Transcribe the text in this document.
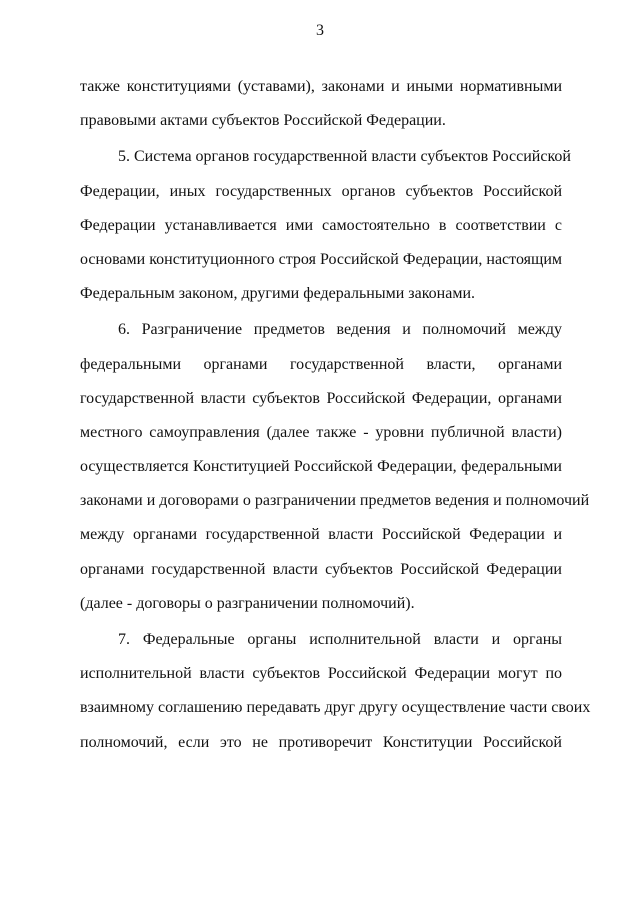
3
также конституциями (уставами), законами и иными нормативными
правовыми актами субъектов Российской Федерации.
5. Система органов государственной власти субъектов Российской
Федерации, иных государственных органов субъектов Российской
Федерации устанавливается ими самостоятельно в соответствии с
основами конституционного строя Российской Федерации, настоящим
Федеральным законом, другими федеральными законами.
6. Разграничение предметов ведения и полномочий между
федеральными органами государственной власти, органами
государственной власти субъектов Российской Федерации, органами
местного самоуправления (далее также - уровни публичной власти)
осуществляется Конституцией Российской Федерации, федеральными
законами и договорами о разграничении предметов ведения и полномочий
между органами государственной власти Российской Федерации и
органами государственной власти субъектов Российской Федерации
(далее - договоры о разграничении полномочий).
7. Федеральные органы исполнительной власти и органы
исполнительной власти субъектов Российской Федерации могут по
взаимному соглашению передавать друг другу осуществление части своих
полномочий, если это не противоречит Конституции Российской
